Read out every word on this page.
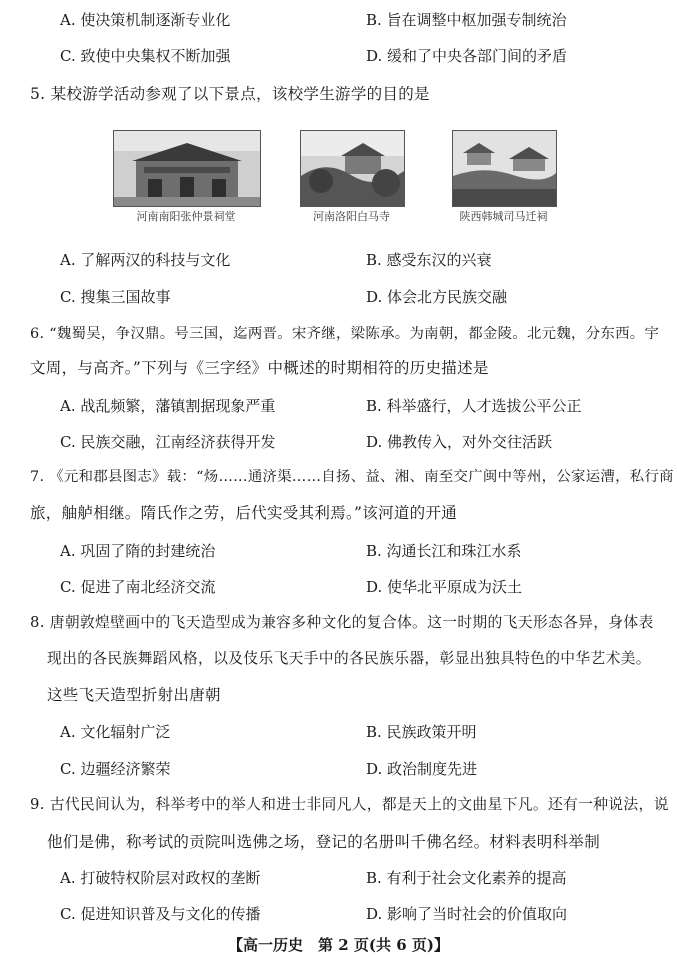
A. 使决策机制逐渐专业化	B. 旨在调整中枢加强专制统治
C. 致使中央集权不断加强	D. 缓和了中央各部门间的矛盾
5. 某校游学活动参观了以下景点，该校学生游学的目的是
河南南阳张仲景祠堂	河南洛阳白马寺	陕西韩城司马迁祠
A. 了解两汉的科技与文化	B. 感受东汉的兴衰
C. 搜集三国故事	D. 体会北方民族交融
6. “魏蜀吴，争汉鼎。号三国，迄两晋。宋齐继，梁陈承。为南朝，都金陵。北元魏，分东西。宇
文周，与高齐。”下列与《三字经》中概述的时期相符的历史描述是
A. 战乱频繁，藩镇割据现象严重	B. 科举盛行，人才选拔公平公正
C. 民族交融，江南经济获得开发	D. 佛教传入，对外交往活跃
7. 《元和郡县图志》载：“炀……通济渠……自扬、益、湘、南至交广闽中等州，公家运漕，私行商
旅，舳舻相继。隋氏作之劳，后代实受其利焉。”该河道的开通
A. 巩固了隋的封建统治	B. 沟通长江和珠江水系
C. 促进了南北经济交流	D. 使华北平原成为沃土
8. 唐朝敦煌壁画中的飞天造型成为兼容多种文化的复合体。这一时期的飞天形态各异，身体表
现出的各民族舞蹈风格，以及伎乐飞天手中的各民族乐器，彰显出独具特色的中华艺术美。
这些飞天造型折射出唐朝
A. 文化辐射广泛	B. 民族政策开明
C. 边疆经济繁荣	D. 政治制度先进
9. 古代民间认为，科举考中的举人和进士非同凡人，都是天上的文曲星下凡。还有一种说法，说
他们是佛，称考试的贡院叫选佛之场，登记的名册叫千佛名经。材料表明科举制
A. 打破特权阶层对政权的垄断	B. 有利于社会文化素养的提高
C. 促进知识普及与文化的传播	D. 影响了当时社会的价值取向
【高一历史　第 2 页(共 6 页)】
